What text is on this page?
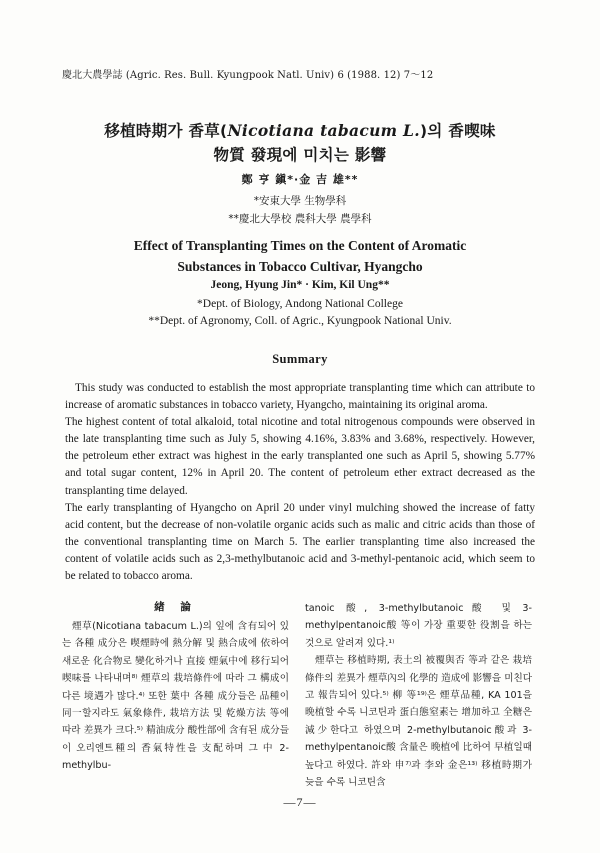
慶北大農學誌 (Agric. Res. Bull. Kyungpook Natl. Univ) 6 (1988. 12) 7～12
移植時期가 香草(Nicotiana tabacum L.)의 香喫味
物質 發現에 미치는 影響
鄭 亨 鎭*·金 吉 雄**
*安東大學 生物學科
**慶北大學校 農科大學 農學科
Effect of Transplanting Times on the Content of Aromatic
Substances in Tobacco Cultivar, Hyangcho
Jeong, Hyung Jin* · Kim, Kil Ung**
*Dept. of Biology, Andong National College
**Dept. of Agronomy, Coll. of Agric., Kyungpook National Univ.
Summary

This study was conducted to establish the most appropriate transplanting time which can attribute to increase of aromatic substances in tobacco variety, Hyangcho, maintaining its original aroma.

The highest content of total alkaloid, total nicotine and total nitrogenous compounds were observed in the late transplanting time such as July 5, showing 4.16%, 3.83% and 3.68%, respectively. However, the petroleum ether extract was highest in the early transplanted one such as April 5, showing 5.77% and total sugar content, 12% in April 20. The content of petroleum ether extract decreased as the transplanting time delayed.

The early transplanting of Hyangcho on April 20 under vinyl mulching showed the increase of fatty acid content, but the decrease of non-volatile organic acids such as malic and citric acids than those of the conventional transplanting time on March 5. The earlier transplanting time also increased the content of volatile acids such as 2,3-methylbutanoic acid and 3-methyl-pentanoic acid, which seem to be related to tobacco aroma.

緖 論

煙草(Nicotiana tabacum L.)의 잎에 含有되어 있는 各種 成分은 喫煙時에 熱分解 및 熱合成에 依하여 새로운 化合物로 變化하거나 直接 煙氣中에 移行되어 喫味를 나타내며⁸⁾ 煙草의 栽培條件에 따라 그 構成이 다른 境遇가 많다.⁴⁾ 또한 葉中 各種 成分들은 品種이 同一할지라도 氣象條件, 栽培方法 및 乾燥方法 等에 따라 差異가 크다.⁵⁾ 精油成分 酸性部에 含有된 成分들이 오리엔트種의 香氣特性을 支配하며 그 中 2-methylbu-

tanoic 酸, 3-methylbutanoic酸 및 3-methylpentanoic酸 等이 가장 重要한 役割을 하는 것으로 알려져 있다.¹⁾

煙草는 移植時期, 表土의 被覆與否 等과 같은 栽培條件의 差異가 煙草內의 化學的 造成에 影響을 미친다고 報告되어 있다.⁵⁾ 柳 等¹⁹⁾은 煙草品種, KA 101을 晩植할 수록 니코틴과 蛋白態窒素는 增加하고 全糖은 減少한다고 하였으며 2-methylbutanoic酸과 3-methylpentanoic酸 含量은 晩植에 比하여 早植일때 높다고 하였다. 許와 申⁷⁾과 李와 金은¹³⁾ 移植時期가 늦을 수록 니코틴含

—7—
